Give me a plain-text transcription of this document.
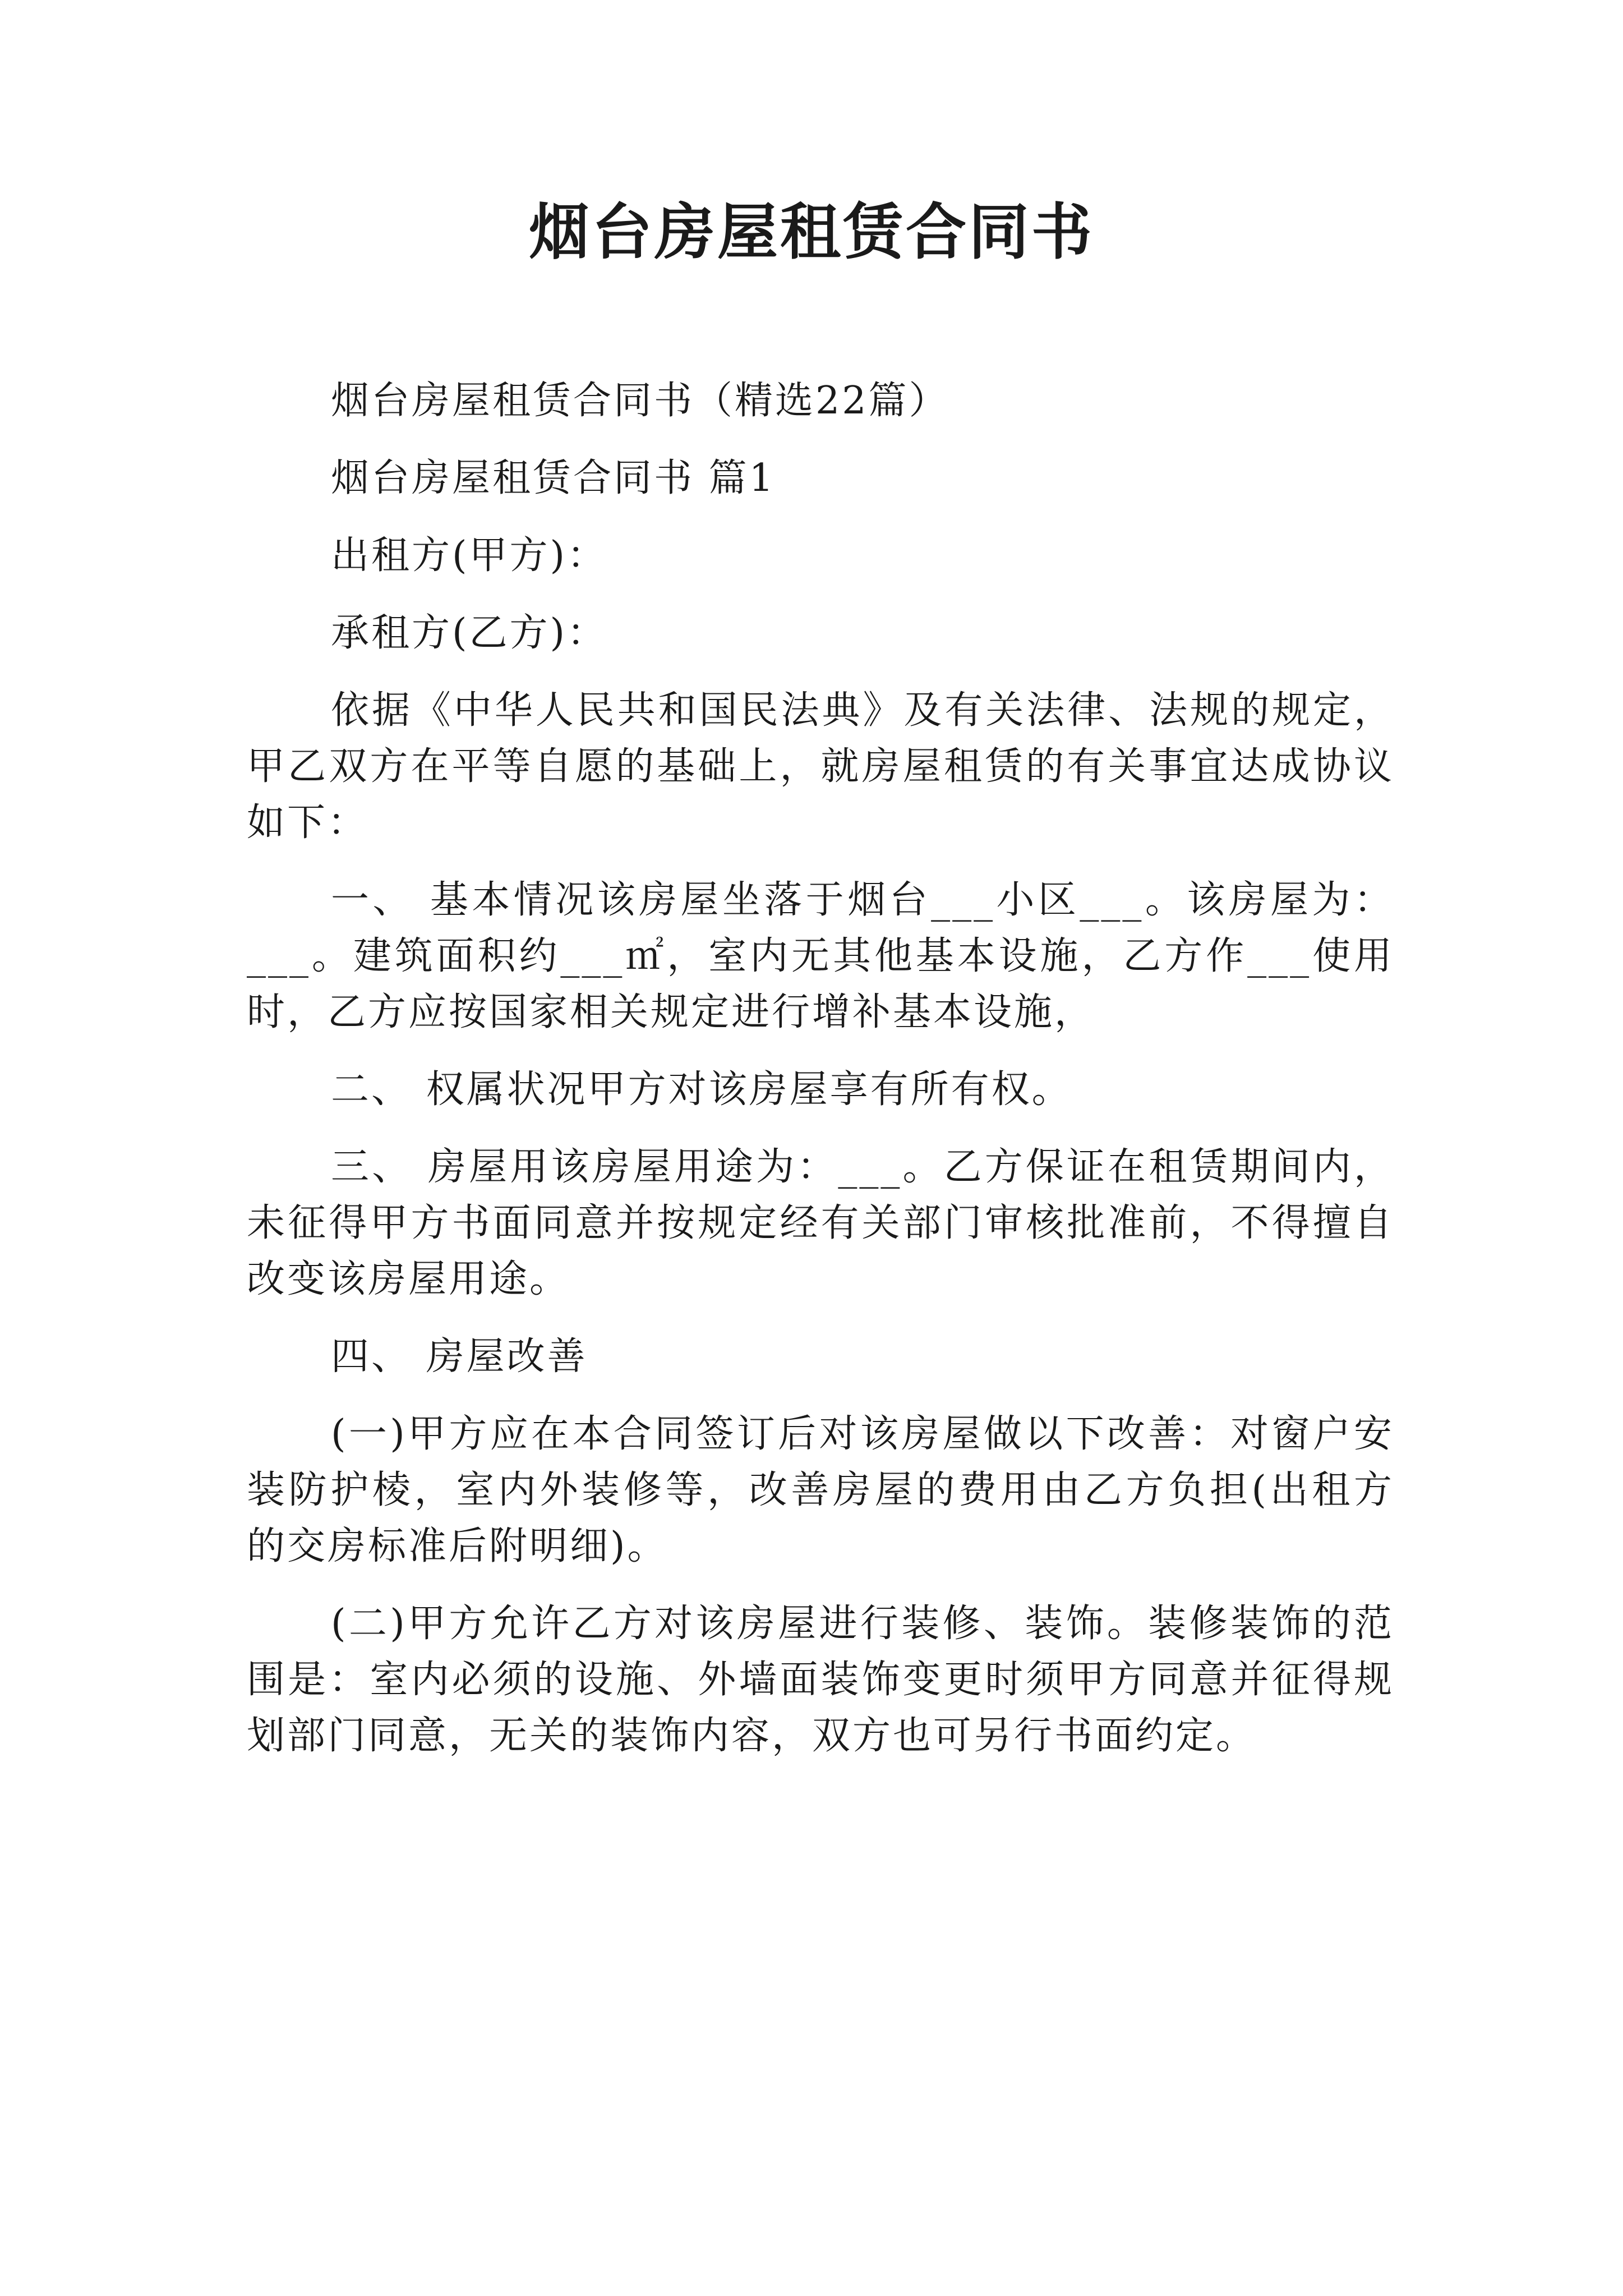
烟台房屋租赁合同书

烟台房屋租赁合同书（精选22篇）

烟台房屋租赁合同书 篇1

出租方(甲方)：

承租方(乙方)：

依据《中华人民共和国民法典》及有关法律、法规的规定，甲乙双方在平等自愿的基础上，就房屋租赁的有关事宜达成协议如下：

一、 基本情况该房屋坐落于烟台___小区___。该房屋为：___。建筑面积约___㎡，室内无其他基本设施，乙方作___使用时，乙方应按国家相关规定进行增补基本设施，

二、 权属状况甲方对该房屋享有所有权。

三、 房屋用该房屋用途为：___。乙方保证在租赁期间内，未征得甲方书面同意并按规定经有关部门审核批准前，不得擅自改变该房屋用途。

四、 房屋改善

(一)甲方应在本合同签订后对该房屋做以下改善：对窗户安装防护棱，室内外装修等，改善房屋的费用由乙方负担(出租方的交房标准后附明细)。

(二)甲方允许乙方对该房屋进行装修、装饰。装修装饰的范围是：室内必须的设施、外墙面装饰变更时须甲方同意并征得规划部门同意，无关的装饰内容，双方也可另行书面约定。
